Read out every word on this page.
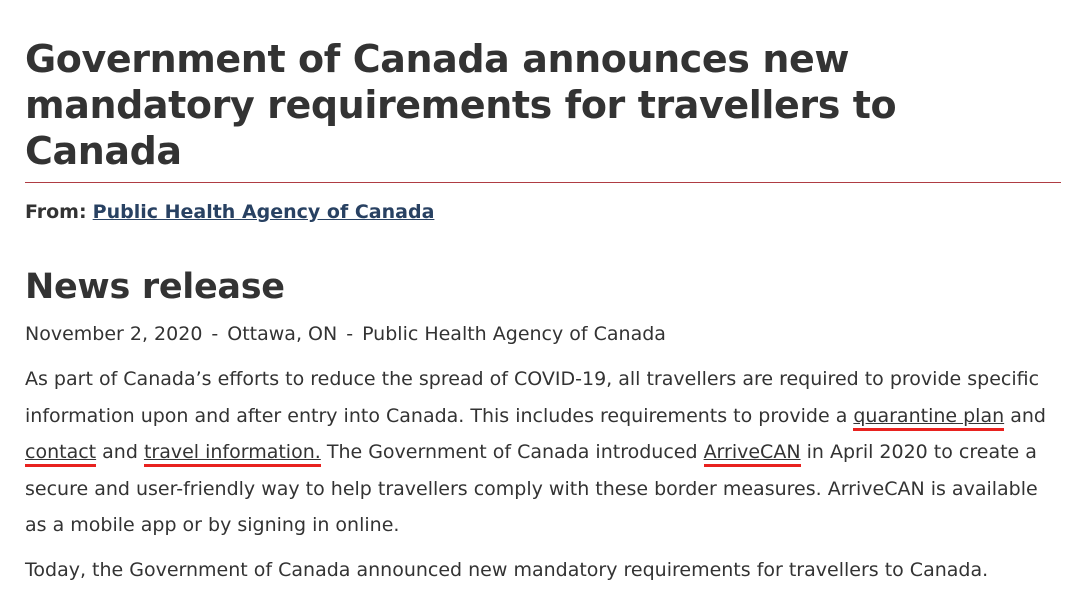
Government of Canada announces new mandatory requirements for travellers to Canada
From: Public Health Agency of Canada
News release
November 2, 2020 - Ottawa, ON - Public Health Agency of Canada

As part of Canada’s efforts to reduce the spread of COVID-19, all travellers are required to provide specific information upon and after entry into Canada. This includes requirements to provide a quarantine plan and contact and travel information. The Government of Canada introduced ArriveCAN in April 2020 to create a secure and user-friendly way to help travellers comply with these border measures. ArriveCAN is available as a mobile app or by signing in online.

Today, the Government of Canada announced new mandatory requirements for travellers to Canada.
